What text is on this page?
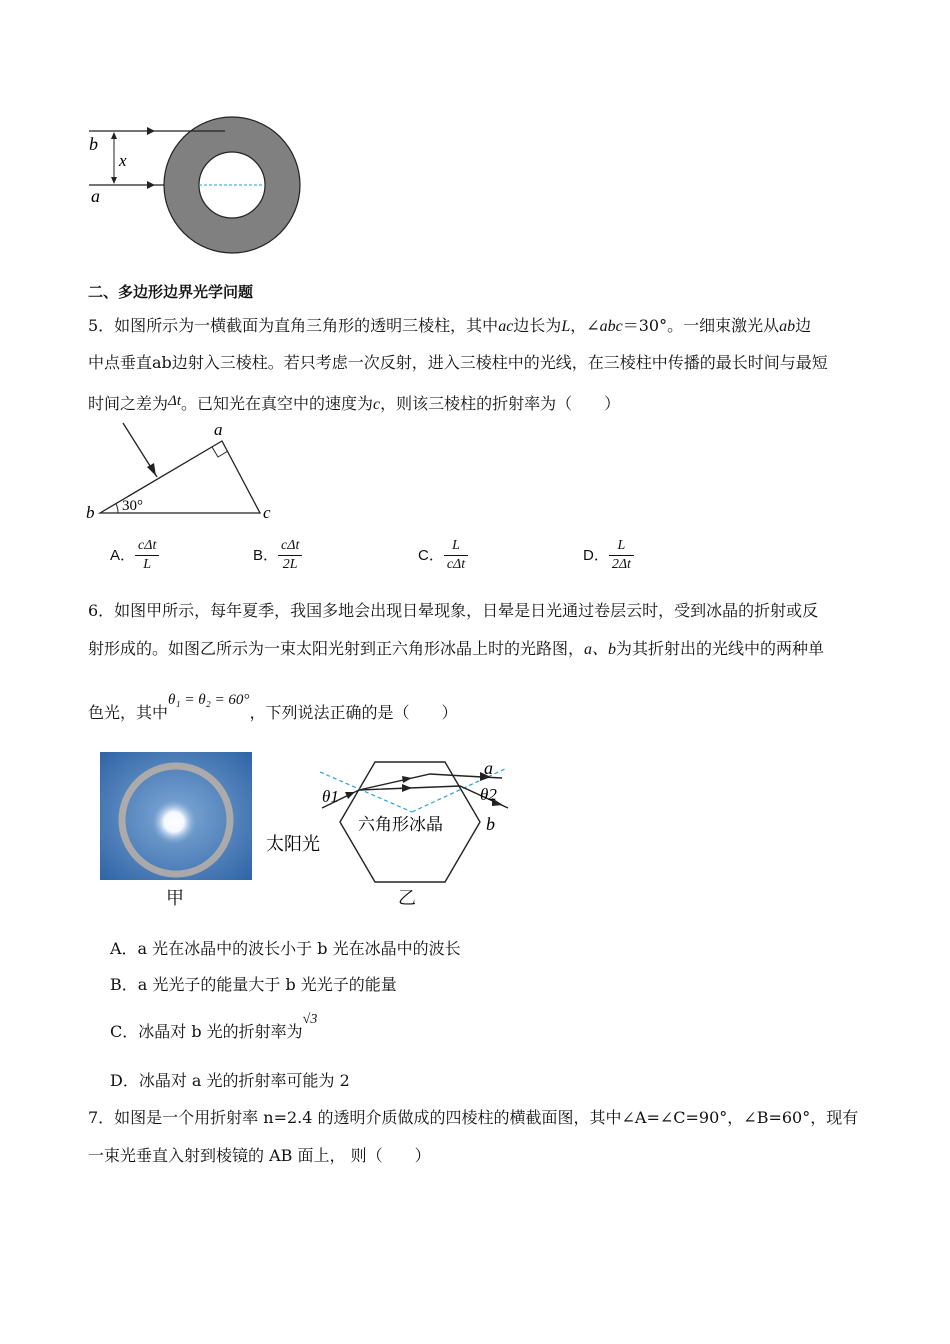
b
x
a
二、多边形边界光学问题
5．如图所示为一横截面为直角三角形的透明三棱柱，其中ac边长为L，∠abc＝30°。一细束激光从ab边
中点垂直ab边射入三棱柱。若只考虑一次反射，进入三棱柱中的光线，在三棱柱中传播的最长时间与最短
时间之差为Δt。已知光在真空中的速度为c，则该三棱柱的折射率为（　　）
a
b	c
30°
A． $\frac{\text{cΔt}}{L}$	B． $\frac{\text{cΔt}}{2L}$	C． $\frac{L}{\text{cΔt}}$	D． $\frac{L}{2\Delta t}$
6．如图甲所示，每年夏季，我国多地会出现日晕现象，日晕是日光通过卷层云时，受到冰晶的折射或反
射形成的。如图乙所示为一束太阳光射到正六角形冰晶上时的光路图，a、b为其折射出的光线中的两种单
色光，其中θ₁ = θ₂ = 60°，下列说法正确的是（　　）
甲
θ1	θ2
a
b
六角形冰晶
太阳光
乙
A．a 光在冰晶中的波长小于 b 光在冰晶中的波长
B．a 光光子的能量大于 b 光光子的能量
C．冰晶对 b 光的折射率为√3
D．冰晶对 a 光的折射率可能为 2
7．如图是一个用折射率 n=2.4 的透明介质做成的四棱柱的横截面图，其中∠A=∠C=90°，∠B=60°，现有
一束光垂直入射到棱镜的 AB 面上， 则（　　）
